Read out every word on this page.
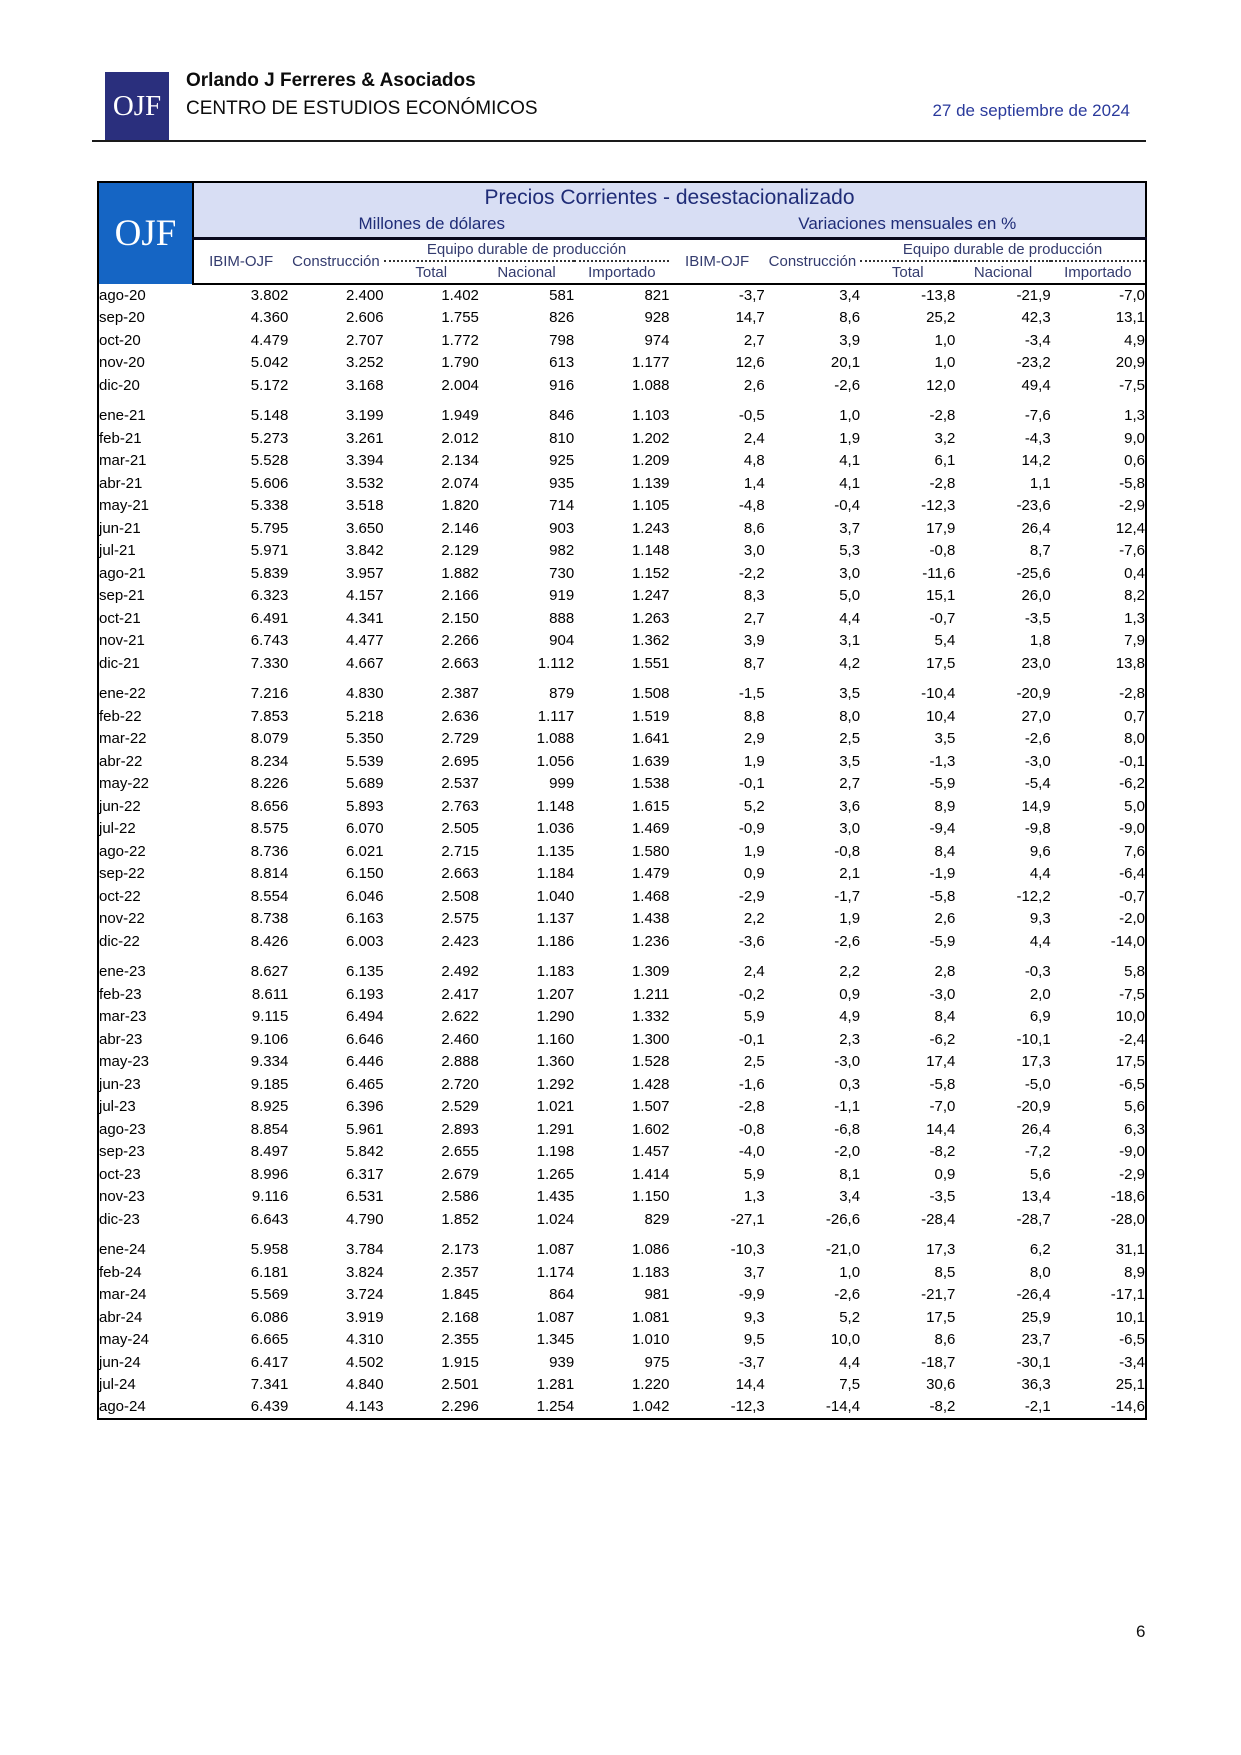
OJF
Orlando J Ferreres & Asociados
CENTRO DE ESTUDIOS ECONÓMICOS	27 de septiembre de 2024
OJF	Precios Corrientes - desestacionalizado									
	Millones de dólares					Variaciones mensuales en %				
	IBIM-OJF	Construcción	Equipo durable de producción			IBIM-OJF	Construcción	Equipo durable de producción		
			Total	Nacional	Importado			Total	Nacional	Importado
ago-20	3.802	2.400	1.402	581	821	-3,7	3,4	-13,8	-21,9	-7,0
sep-20	4.360	2.606	1.755	826	928	14,7	8,6	25,2	42,3	13,1
oct-20	4.479	2.707	1.772	798	974	2,7	3,9	1,0	-3,4	4,9
nov-20	5.042	3.252	1.790	613	1.177	12,6	20,1	1,0	-23,2	20,9
dic-20	5.172	3.168	2.004	916	1.088	2,6	-2,6	12,0	49,4	-7,5

ene-21	5.148	3.199	1.949	846	1.103	-0,5	1,0	-2,8	-7,6	1,3
feb-21	5.273	3.261	2.012	810	1.202	2,4	1,9	3,2	-4,3	9,0
mar-21	5.528	3.394	2.134	925	1.209	4,8	4,1	6,1	14,2	0,6
abr-21	5.606	3.532	2.074	935	1.139	1,4	4,1	-2,8	1,1	-5,8
may-21	5.338	3.518	1.820	714	1.105	-4,8	-0,4	-12,3	-23,6	-2,9
jun-21	5.795	3.650	2.146	903	1.243	8,6	3,7	17,9	26,4	12,4
jul-21	5.971	3.842	2.129	982	1.148	3,0	5,3	-0,8	8,7	-7,6
ago-21	5.839	3.957	1.882	730	1.152	-2,2	3,0	-11,6	-25,6	0,4
sep-21	6.323	4.157	2.166	919	1.247	8,3	5,0	15,1	26,0	8,2
oct-21	6.491	4.341	2.150	888	1.263	2,7	4,4	-0,7	-3,5	1,3
nov-21	6.743	4.477	2.266	904	1.362	3,9	3,1	5,4	1,8	7,9
dic-21	7.330	4.667	2.663	1.112	1.551	8,7	4,2	17,5	23,0	13,8

ene-22	7.216	4.830	2.387	879	1.508	-1,5	3,5	-10,4	-20,9	-2,8
feb-22	7.853	5.218	2.636	1.117	1.519	8,8	8,0	10,4	27,0	0,7
mar-22	8.079	5.350	2.729	1.088	1.641	2,9	2,5	3,5	-2,6	8,0
abr-22	8.234	5.539	2.695	1.056	1.639	1,9	3,5	-1,3	-3,0	-0,1
may-22	8.226	5.689	2.537	999	1.538	-0,1	2,7	-5,9	-5,4	-6,2
jun-22	8.656	5.893	2.763	1.148	1.615	5,2	3,6	8,9	14,9	5,0
jul-22	8.575	6.070	2.505	1.036	1.469	-0,9	3,0	-9,4	-9,8	-9,0
ago-22	8.736	6.021	2.715	1.135	1.580	1,9	-0,8	8,4	9,6	7,6
sep-22	8.814	6.150	2.663	1.184	1.479	0,9	2,1	-1,9	4,4	-6,4
oct-22	8.554	6.046	2.508	1.040	1.468	-2,9	-1,7	-5,8	-12,2	-0,7
nov-22	8.738	6.163	2.575	1.137	1.438	2,2	1,9	2,6	9,3	-2,0
dic-22	8.426	6.003	2.423	1.186	1.236	-3,6	-2,6	-5,9	4,4	-14,0

ene-23	8.627	6.135	2.492	1.183	1.309	2,4	2,2	2,8	-0,3	5,8
feb-23	8.611	6.193	2.417	1.207	1.211	-0,2	0,9	-3,0	2,0	-7,5
mar-23	9.115	6.494	2.622	1.290	1.332	5,9	4,9	8,4	6,9	10,0
abr-23	9.106	6.646	2.460	1.160	1.300	-0,1	2,3	-6,2	-10,1	-2,4
may-23	9.334	6.446	2.888	1.360	1.528	2,5	-3,0	17,4	17,3	17,5
jun-23	9.185	6.465	2.720	1.292	1.428	-1,6	0,3	-5,8	-5,0	-6,5
jul-23	8.925	6.396	2.529	1.021	1.507	-2,8	-1,1	-7,0	-20,9	5,6
ago-23	8.854	5.961	2.893	1.291	1.602	-0,8	-6,8	14,4	26,4	6,3
sep-23	8.497	5.842	2.655	1.198	1.457	-4,0	-2,0	-8,2	-7,2	-9,0
oct-23	8.996	6.317	2.679	1.265	1.414	5,9	8,1	0,9	5,6	-2,9
nov-23	9.116	6.531	2.586	1.435	1.150	1,3	3,4	-3,5	13,4	-18,6
dic-23	6.643	4.790	1.852	1.024	829	-27,1	-26,6	-28,4	-28,7	-28,0

ene-24	5.958	3.784	2.173	1.087	1.086	-10,3	-21,0	17,3	6,2	31,1
feb-24	6.181	3.824	2.357	1.174	1.183	3,7	1,0	8,5	8,0	8,9
mar-24	5.569	3.724	1.845	864	981	-9,9	-2,6	-21,7	-26,4	-17,1
abr-24	6.086	3.919	2.168	1.087	1.081	9,3	5,2	17,5	25,9	10,1
may-24	6.665	4.310	2.355	1.345	1.010	9,5	10,0	8,6	23,7	-6,5
jun-24	6.417	4.502	1.915	939	975	-3,7	4,4	-18,7	-30,1	-3,4
jul-24	7.341	4.840	2.501	1.281	1.220	14,4	7,5	30,6	36,3	25,1
ago-24	6.439	4.143	2.296	1.254	1.042	-12,3	-14,4	-8,2	-2,1	-14,6
6
